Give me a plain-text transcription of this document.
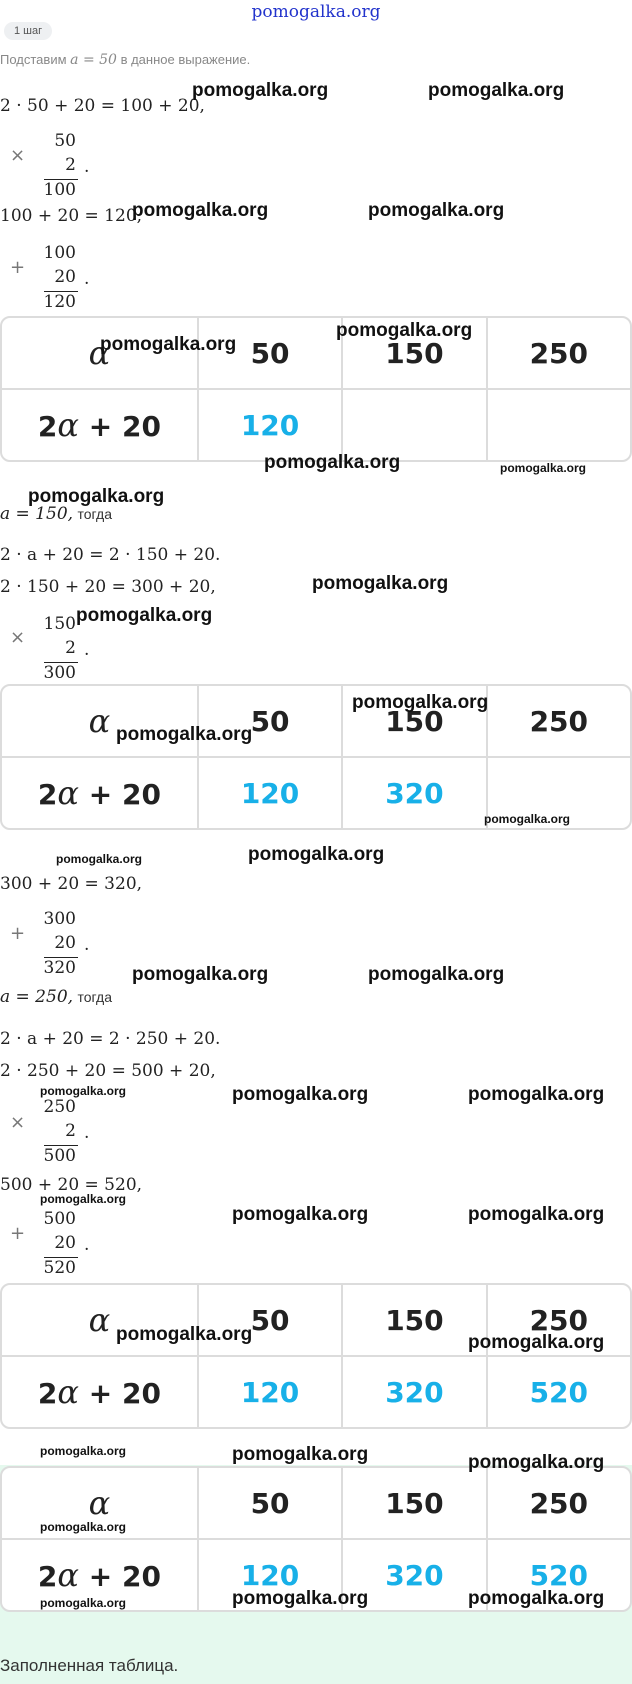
pomogalka.org
1 шаг
Подставим a = 50 в данное выражение.
2 · 50 + 20 = 100 + 20,
×
50
2
100
.
100 + 20 = 120,
+
100
20
120
.
α	50	150	250
2α + 20	120		
a = 150, тогда
2 · a + 20 = 2 · 150 + 20.
2 · 150 + 20 = 300 + 20,
×
150
2
300
.
α	50	150	250
2α + 20	120	320	
300 + 20 = 320,
+
300
20
320
.
a = 250, тогда
2 · a + 20 = 2 · 250 + 20.
2 · 250 + 20 = 500 + 20,
×
250
2
500
.
500 + 20 = 520,
+
500
20
520
.
α	50	150	250
2α + 20	120	320	520
α	50	150	250
2α + 20	120	320	520
Заполненная таблица.
pomogalka.org	pomogalka.org
pomogalka.org	pomogalka.org
pomogalka.org
pomogalka.org
pomogalka.org	pomogalka.org
pomogalka.org
pomogalka.org
pomogalka.org
pomogalka.org
pomogalka.org
pomogalka.org
pomogalka.org	pomogalka.org
pomogalka.org	pomogalka.org
pomogalka.org	pomogalka.org	pomogalka.org
pomogalka.org
pomogalka.org	pomogalka.org
pomogalka.org	pomogalka.org
pomogalka.org	pomogalka.org	pomogalka.org
pomogalka.org
pomogalka.org	pomogalka.org	pomogalka.org
